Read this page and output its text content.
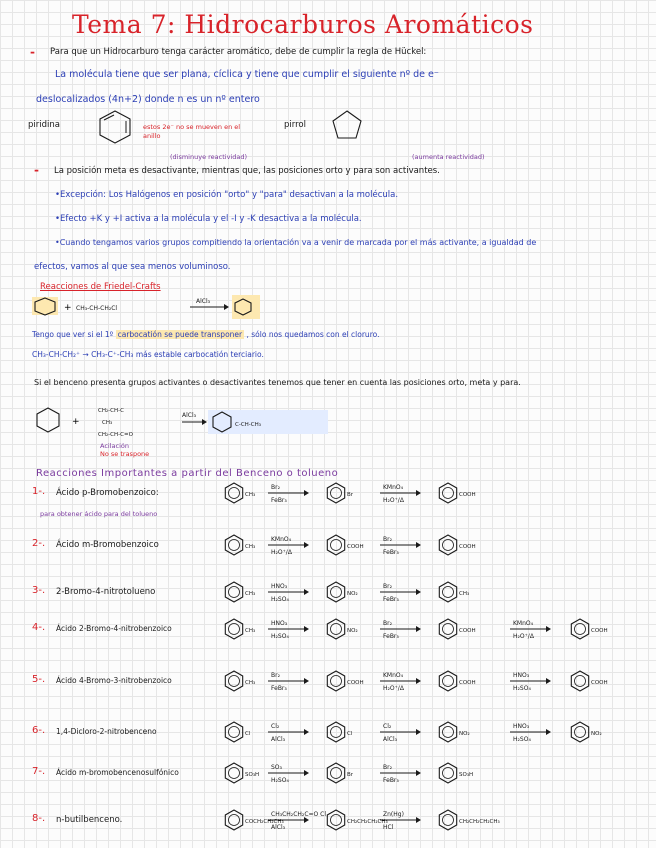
Tema 7: Hidrocarburos Aromáticos
- Para que un Hidrocarburo tenga carácter aromático, debe de cumplir la regla de Hückel:
La molécula tiene que ser plana, cíclica y tiene que cumplir el siguiente nº de e⁻
deslocalizados (4n+2) donde n es un nº entero
piridina	estos 2e⁻ no se mueven en el anillo
pirrol
(disminuye reactividad)	(aumenta reactividad)
- La posición meta es desactivante, mientras que, las posiciones orto y para son activantes.
•Excepción: Los Halógenos en posición "orto" y "para" desactivan a la molécula.
•Efecto +K y +I activa a la molécula y el -I y -K desactiva a la molécula.
•Cuando tengamos varios grupos compitiendo la orientación va a venir de marcada por el más activante, a igualdad de
efectos, vamos al que sea menos voluminoso.
Reacciones de Friedel-Crafts
+ CH₃-CH-CH₂Cl
AlCl₃
Tengo que ver si el 1º carbocatión se puede transponer , sólo nos quedamos con el cloruro.
CH₃-CH-CH₂⁺ → CH₃-C⁺-CH₃ más estable carbocatión terciario.
Si el benceno presenta grupos activantes o desactivantes tenemos que tener en cuenta las posiciones orto, meta y para.
+
CH₂-CH-C
CH₃
CH₂-CH-C=O
AlCl₃
C-CH-CH₃
Acilación
No se traspone
Reacciones Importantes a partir del Benceno o tolueno
1-. Ácido p-Bromobenzoico:
para obtener ácido para del tolueno
CH₃
Br₂
FeBr₃
Br
KMnO₄
H₂O⁺/Δ
COOH
2-. Ácido m-Bromobenzoico	CH₃
KMnO₄
H₂O⁺/Δ
COOH
Br₂
FeBr₃
COOH
3-. 2-Bromo-4-nitrotolueno	CH₃
HNO₃
H₂SO₄
NO₂
Br₂
FeBr₃
CH₃
4-. Ácido 2-Bromo-4-nitrobenzoico	CH₃
HNO₃
H₂SO₄
NO₂
Br₂
FeBr₃
COOH
KMnO₄
H₂O⁺/Δ
COOH
5-. Ácido 4-Bromo-3-nitrobenzoico	CH₃
Br₂
FeBr₃
COOH
KMnO₄
H₂O⁺/Δ
COOH
HNO₃
H₂SO₄
COOH
6-. 1,4-Dicloro-2-nitrobenceno	Cl
Cl₂
AlCl₃
Cl
Cl₂
AlCl₃
NO₂
HNO₃
H₂SO₄
NO₂
7-. Ácido m-bromobencenosulfónico	SO₃H
SO₃
H₂SO₄
Br
Br₂
FeBr₃
SO₃H
8-. n-butilbenceno.	COCH₂CH₂CH₃
CH₃CH₂CH₂C=O Cl
AlCl₃
CH₂CH₂CH₂CH₃
Zn(Hg)
HCl
CH₂CH₂CH₂CH₃
